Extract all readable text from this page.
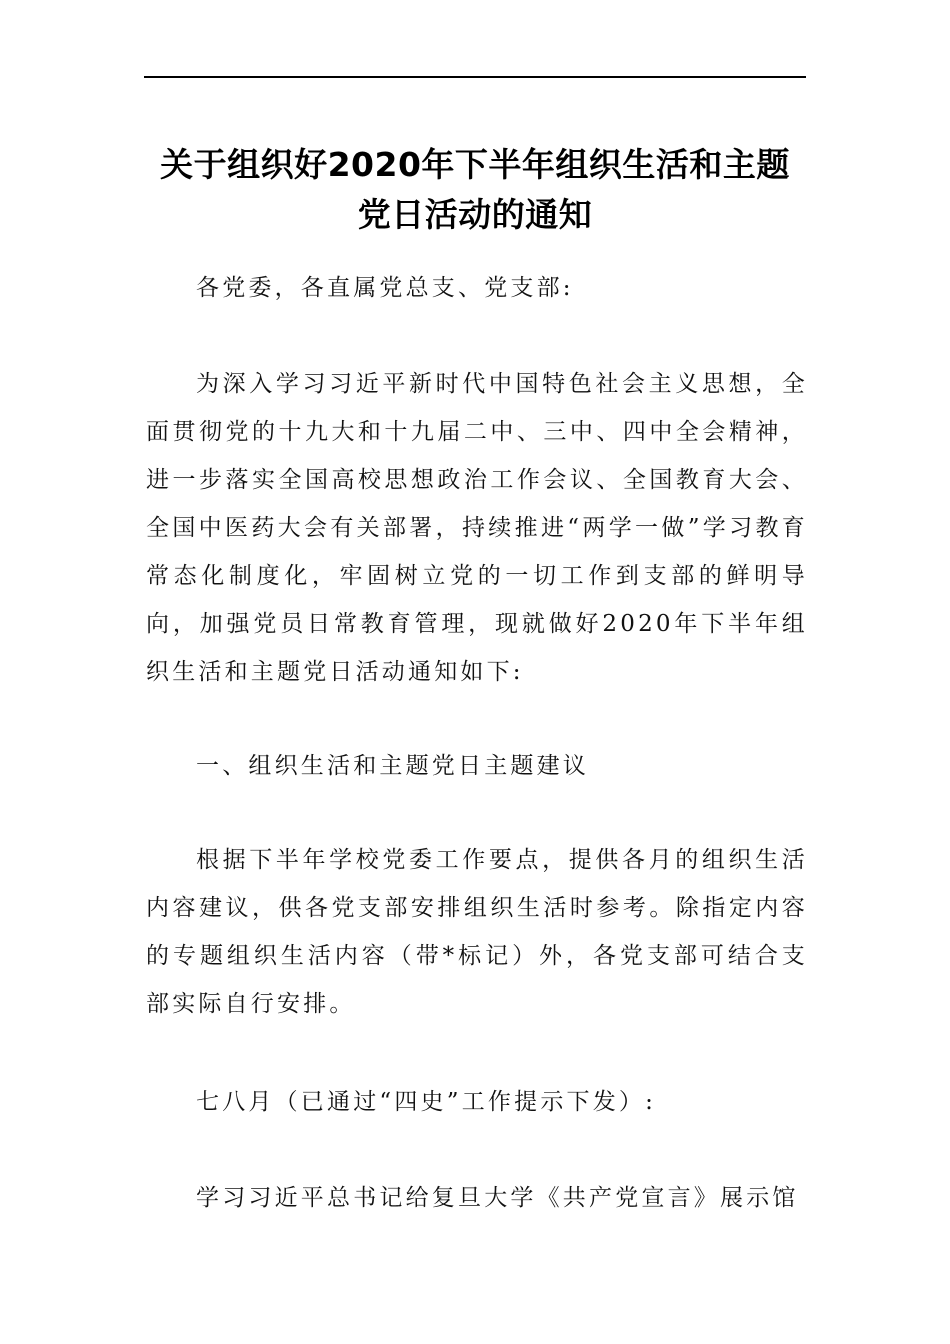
关于组织好2020年下半年组织生活和主题
党日活动的通知

各党委，各直属党总支、党支部:

为深入学习习近平新时代中国特色社会主义思想，全面贯彻党的十九大和十九届二中、三中、四中全会精神，进一步落实全国高校思想政治工作会议、全国教育大会、全国中医药大会有关部署，持续推进“两学一做”学习教育常态化制度化，牢固树立党的一切工作到支部的鲜明导向，加强党员日常教育管理，现就做好2020年下半年组织生活和主题党日活动通知如下:

一、组织生活和主题党日主题建议

根据下半年学校党委工作要点，提供各月的组织生活内容建议，供各党支部安排组织生活时参考。除指定内容的专题组织生活内容（带*标记）外，各党支部可结合支部实际自行安排。

七八月（已通过“四史”工作提示下发）:

学习习近平总书记给复旦大学《共产党宣言》展示馆
